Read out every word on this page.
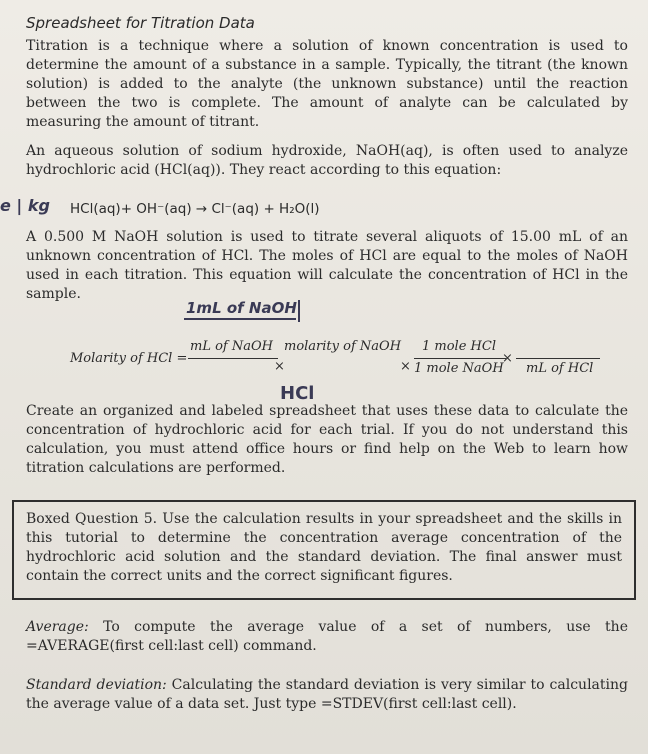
Spreadsheet for Titration Data
Titration is a technique where a solution of known concentration is used to determine the amount of a substance in a sample. Typically, the titrant (the known solution) is added to the analyte (the unknown substance) until the reaction between the two is complete. The amount of analyte can be calculated by measuring the amount of titrant.
An aqueous solution of sodium hydroxide, NaOH(aq), is often used to analyze hydrochloric acid (HCl(aq)). They react according to this equation:
e | kg HCl(aq)+ OH⁻(aq) → Cl⁻(aq) + H₂O(l)
A 0.500 M NaOH solution is used to titrate several aliquots of 15.00 mL of an unknown concentration of HCl. The moles of HCl are equal to the moles of NaOH used in each titration. This equation will calculate the concentration of HCl in the sample.
1mL of NaOH
Molarity of HCl =
mL of NaOH
×
molarity of NaOH
×
1 mole HCl
1 mole NaOH
×
mL of HCl
HCl
Create an organized and labeled spreadsheet that uses these data to calculate the concentration of hydrochloric acid for each trial. If you do not understand this calculation, you must attend office hours or find help on the Web to learn how titration calculations are performed.
Boxed Question 5. Use the calculation results in your spreadsheet and the skills in this tutorial to determine the concentration average concentration of the hydrochloric acid solution and the standard deviation. The final answer must contain the correct units and the correct significant figures.
Average: To compute the average value of a set of numbers, use the =AVERAGE(first cell:last cell) command.
Standard deviation: Calculating the standard deviation is very similar to calculating the average value of a data set. Just type =STDEV(first cell:last cell).
